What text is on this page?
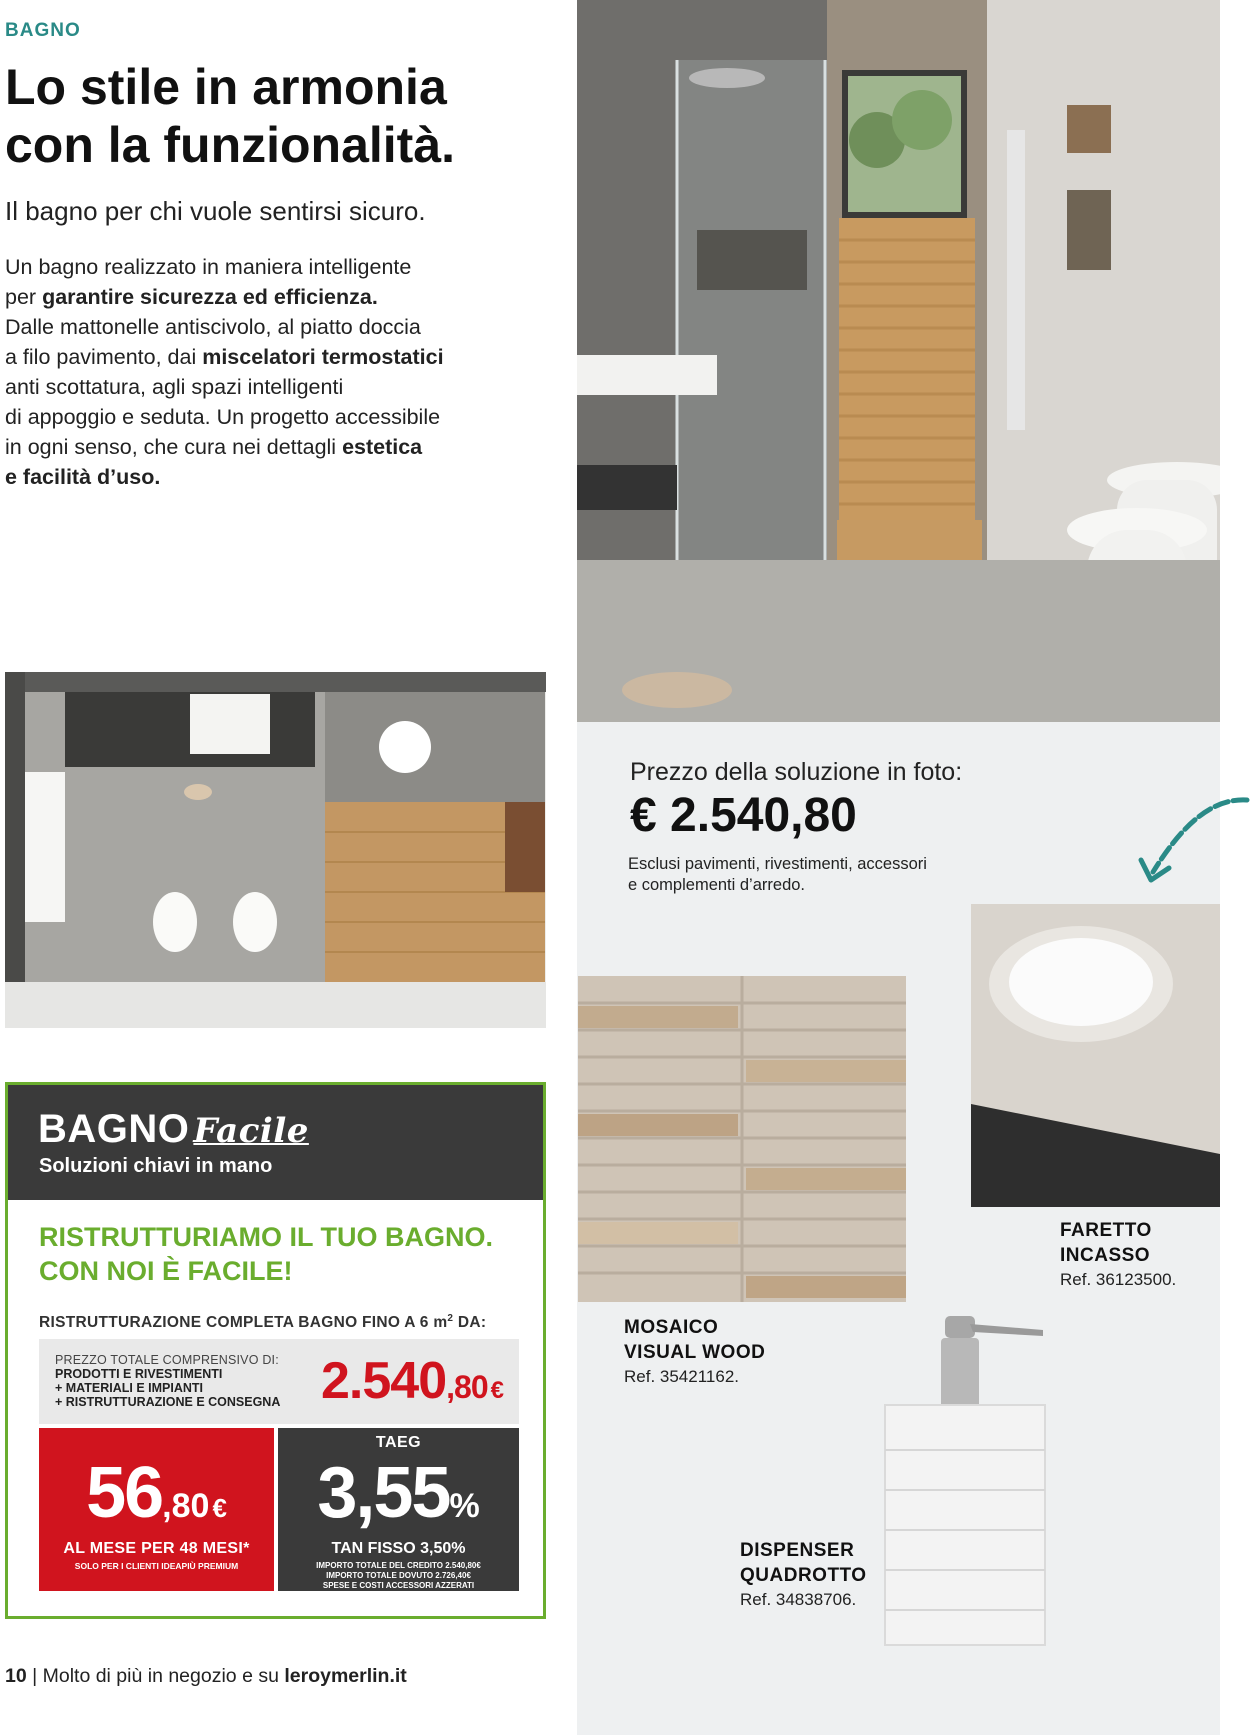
BAGNO
Lo stile in armonia
con la funzionalità.
Il bagno per chi vuole sentirsi sicuro.
Un bagno realizzato in maniera intelligente
per garantire sicurezza ed efficienza.
Dalle mattonelle antiscivolo, al piatto doccia
a filo pavimento, dai miscelatori termostatici
anti scottatura, agli spazi intelligenti
di appoggio e seduta. Un progetto accessibile
in ogni senso, che cura nei dettagli estetica
e facilità d’uso.
Prezzo della soluzione in foto:
€ 2.540,80
Esclusi pavimenti, rivestimenti, accessori
e complementi d’arredo.
FARETTO
INCASSO
Ref. 36123500.
MOSAICO
VISUAL WOOD
Ref. 35421162.
DISPENSER
QUADROTTO
Ref. 34838706.
BAGNO Facile
Soluzioni chiavi in mano
RISTRUTTURIAMO IL TUO BAGNO.
CON NOI È FACILE!
RISTRUTTURAZIONE COMPLETA BAGNO FINO A 6 $m^2$ DA:
PREZZO TOTALE COMPRENSIVO DI:
PRODOTTI E RIVESTIMENTI
+ MATERIALI E IMPIANTI
+ RISTRUTTURAZIONE E CONSEGNA 2.540,80 €
56,80 €
AL MESE PER 48 MESI*
SOLO PER I CLIENTI IDEAPIÙ PREMIUM
TAEG
3,55%
TAN FISSO 3,50%
IMPORTO TOTALE DEL CREDITO 2.540,80€
IMPORTO TOTALE DOVUTO 2.726,40€
SPESE E COSTI ACCESSORI AZZERATI
10 | Molto di più in negozio e su leroymerlin.it
